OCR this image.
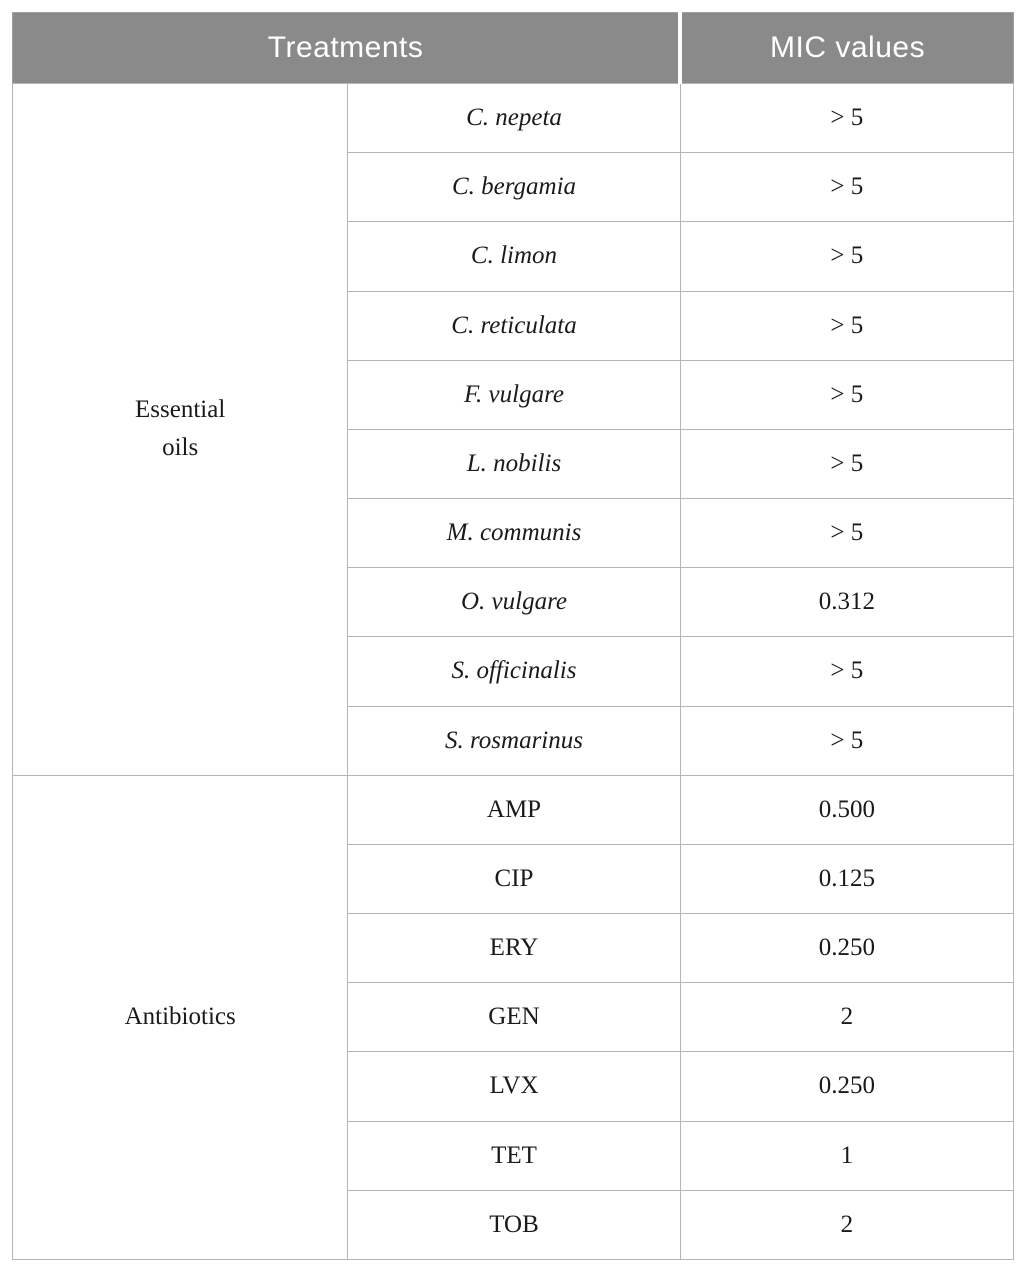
Treatments		MIC values

Essential
oils	C. nepeta	> 5
	C. bergamia	> 5
	C. limon	> 5
	C. reticulata	> 5
	F. vulgare	> 5
	L. nobilis	> 5
	M. communis	> 5
	O. vulgare	0.312
	S. officinalis	> 5
	S. rosmarinus	> 5

Antibiotics	AMP	0.500
	CIP	0.125
	ERY	0.250
	GEN	2
	LVX	0.250
	TET	1
	TOB	2
